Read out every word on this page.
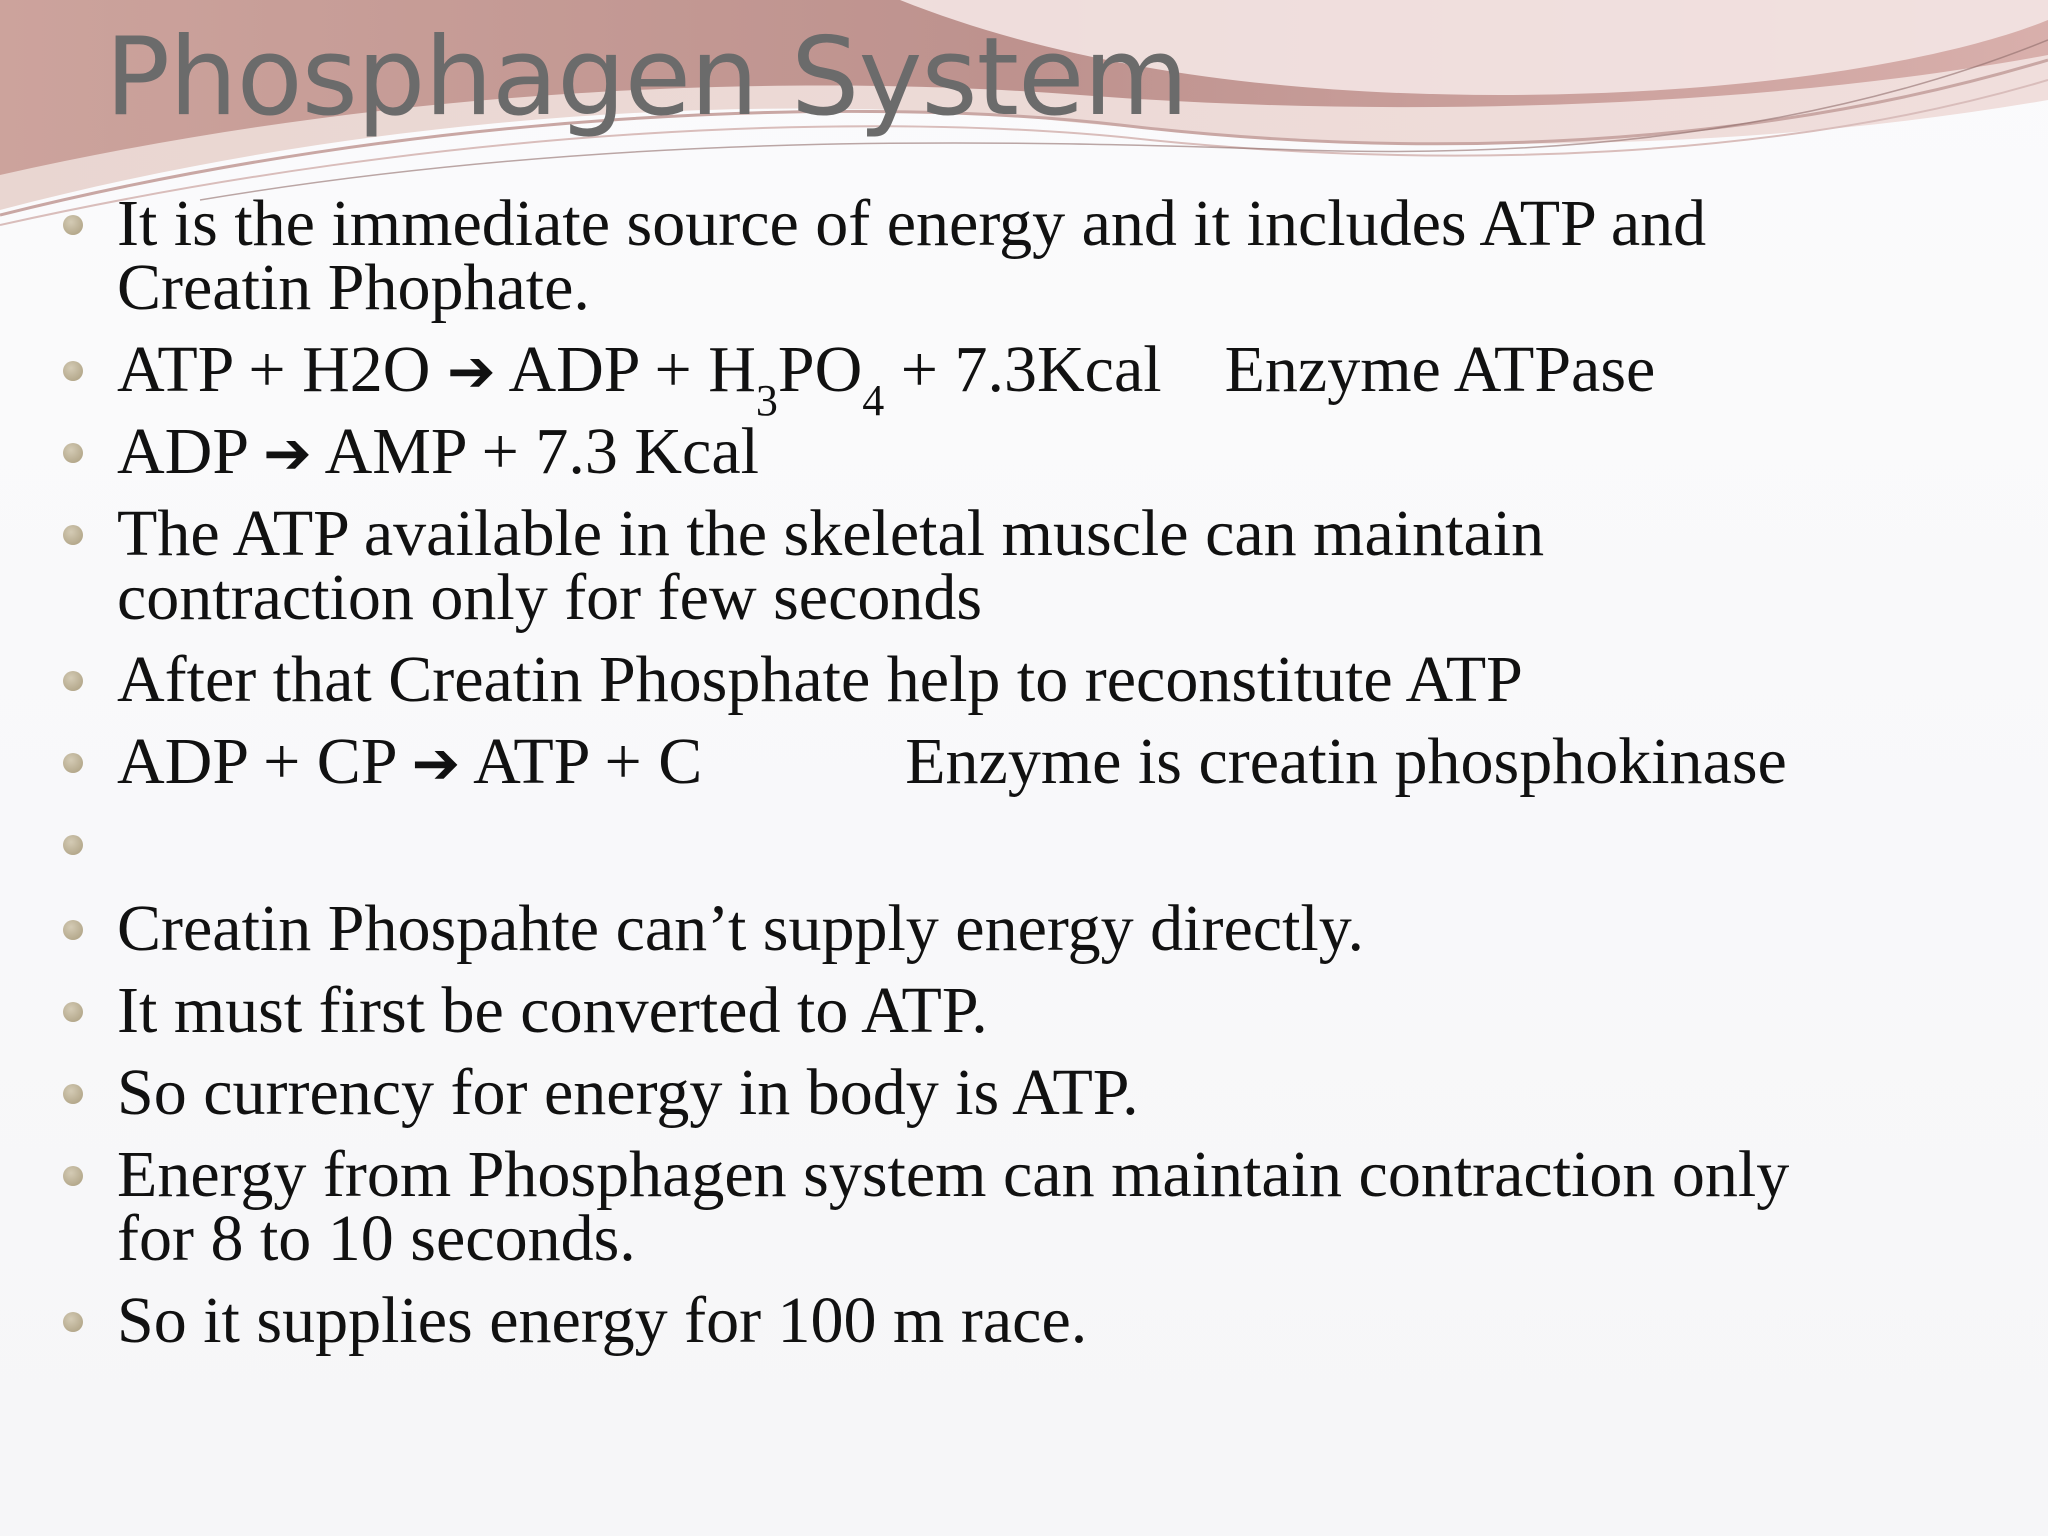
Phosphagen System
It is the immediate source of energy and it includes ATP and
Creatin Phophate.
ATP + H2O ➔ ADP + $H_3PO_4$ + 7.3Kcal Enzyme ATPase
ADP ➔ AMP + 7.3 Kcal
The ATP available in the skeletal muscle can maintain
contraction only for few seconds
After that Creatin Phosphate help to reconstitute ATP
ADP + CP ➔ ATP + C	Enzyme is creatin phosphokinase
Creatin Phospahte can’t supply energy directly.
It must first be converted to ATP.
So currency for energy in body is ATP.
Energy from Phosphagen system can maintain contraction only
for 8 to 10 seconds.
So it supplies energy for 100 m race.
